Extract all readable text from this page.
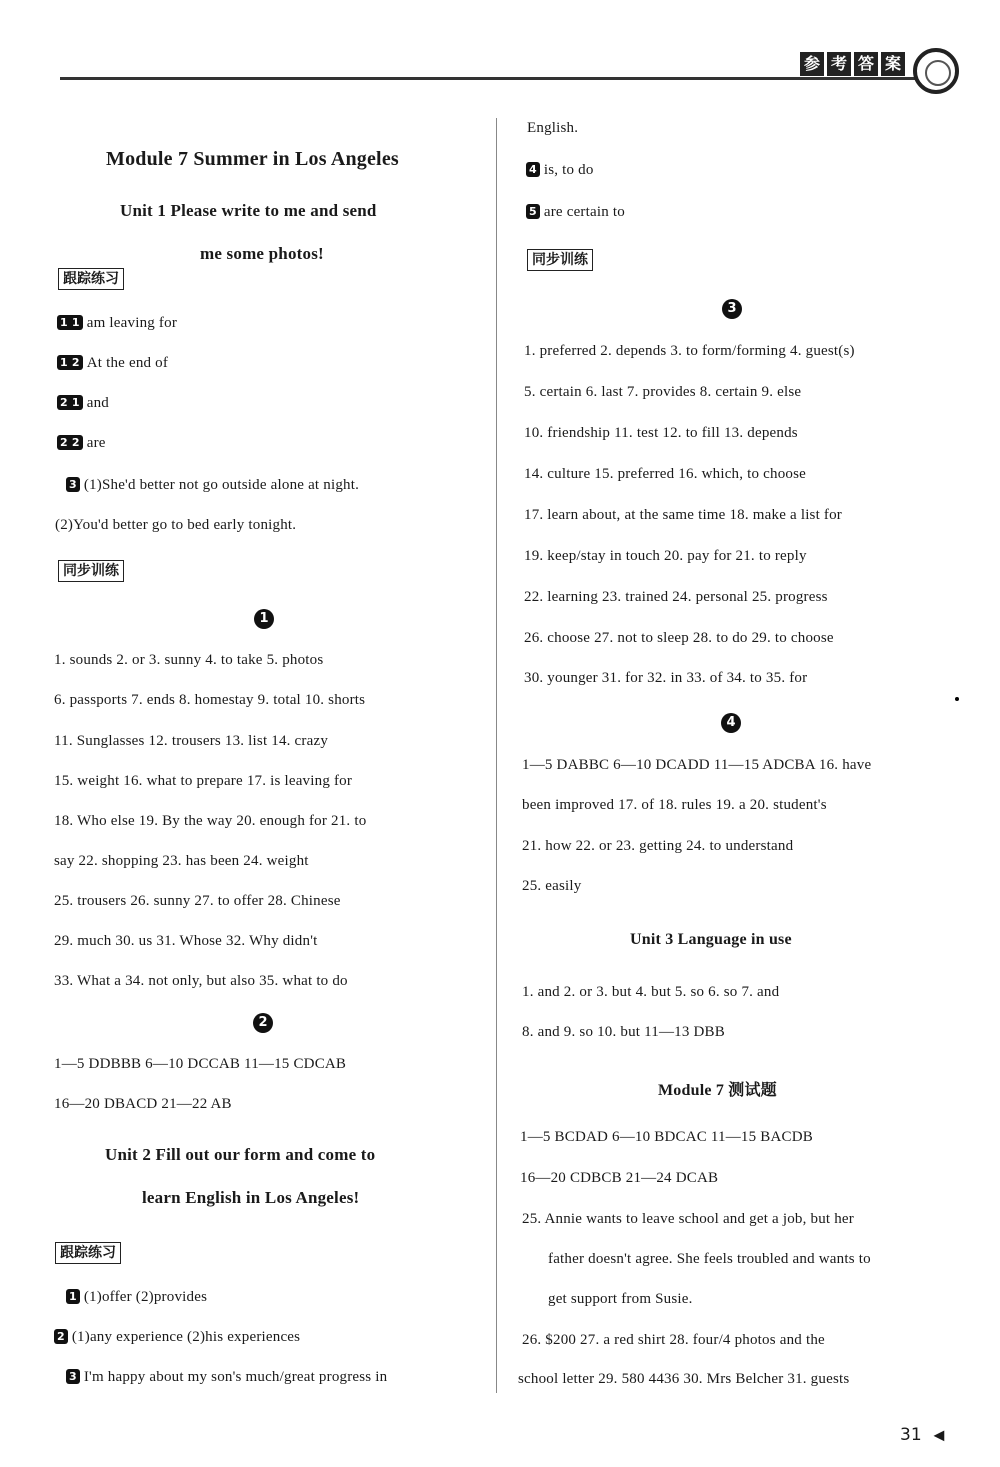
参 考 答 案
Module 7 Summer in Los Angeles
Unit 1 Please write to me and send
me some photos!
跟踪练习
1 1 am leaving for
1 2 At the end of
2 1 and
2 2 are
3 (1)She'd better not go outside alone at night.
(2)You'd better go to bed early tonight.
同步训练
1
1. sounds 2. or 3. sunny 4. to take 5. photos
6. passports 7. ends 8. homestay 9. total 10. shorts
11. Sunglasses 12. trousers 13. list 14. crazy
15. weight 16. what to prepare 17. is leaving for
18. Who else 19. By the way 20. enough for 21. to
say 22. shopping 23. has been 24. weight
25. trousers 26. sunny 27. to offer 28. Chinese
29. much 30. us 31. Whose 32. Why didn't
33. What a 34. not only, but also 35. what to do
2
1—5 DDBBB 6—10 DCCAB 11—15 CDCAB
16—20 DBACD 21—22 AB
Unit 2 Fill out our form and come to
learn English in Los Angeles!
跟踪练习
1 (1)offer (2)provides
2 (1)any experience (2)his experiences
3 I'm happy about my son's much/great progress in
English.
4 is, to do
5 are certain to
同步训练
3
1. preferred 2. depends 3. to form/forming 4. guest(s)
5. certain 6. last 7. provides 8. certain 9. else
10. friendship 11. test 12. to fill 13. depends
14. culture 15. preferred 16. which, to choose
17. learn about, at the same time 18. make a list for
19. keep/stay in touch 20. pay for 21. to reply
22. learning 23. trained 24. personal 25. progress
26. choose 27. not to sleep 28. to do 29. to choose
30. younger 31. for 32. in 33. of 34. to 35. for
4
1—5 DABBC 6—10 DCADD 11—15 ADCBA 16. have
been improved 17. of 18. rules 19. a 20. student's
21. how 22. or 23. getting 24. to understand
25. easily
Unit 3 Language in use
1. and 2. or 3. but 4. but 5. so 6. so 7. and
8. and 9. so 10. but 11—13 DBB
Module 7 测试题
1—5 BCDAD 6—10 BDCAC 11—15 BACDB
16—20 CDBCB 21—24 DCAB
25. Annie wants to leave school and get a job, but her
father doesn't agree. She feels troubled and wants to
get support from Susie.
26. $200 27. a red shirt 28. four/4 photos and the
school letter 29. 580 4436 30. Mrs Belcher 31. guests
31 ◄
